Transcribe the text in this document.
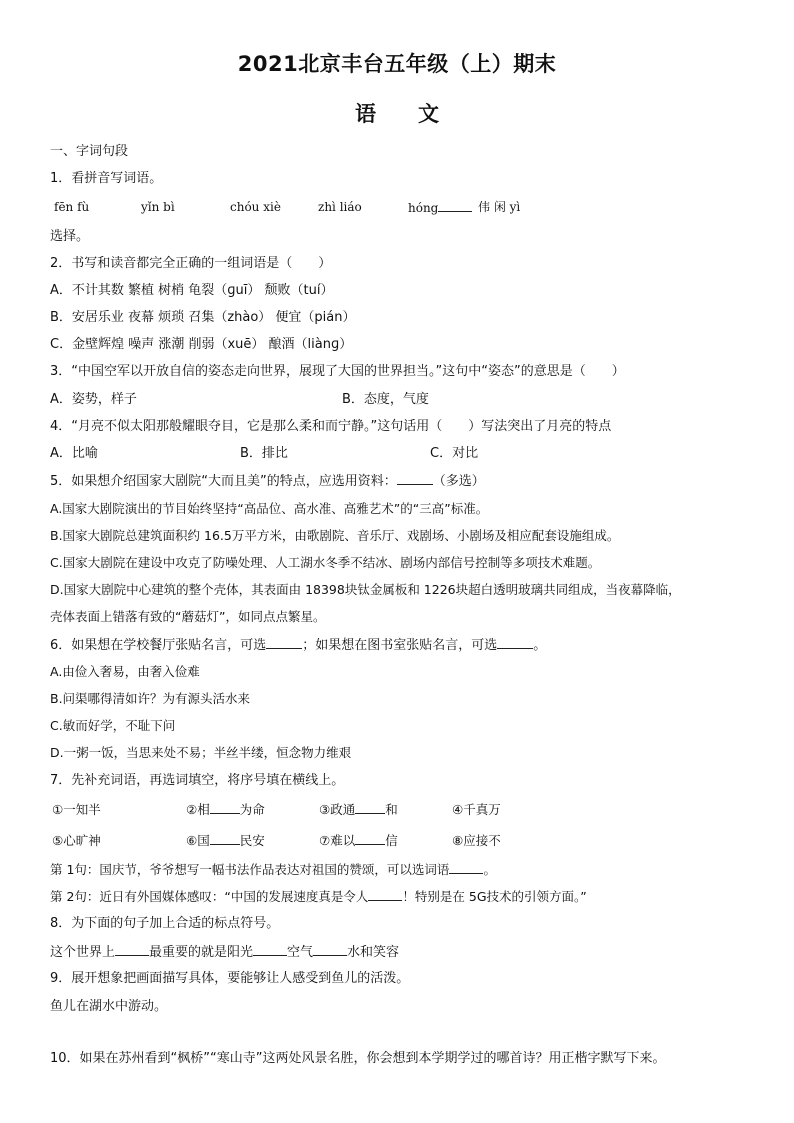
2021北京丰台五年级（上）期末
语　　文
一、字词句段
1．看拼音写词语。
fēn fù	yǐn bì	chóu xiè	zhì liáo	hóng	伟 闲 yì
选择。
2．书写和读音都完全正确的一组词语是（　　）
A．不计其数 繁植 树梢 龟裂（ɡuī） 颓败（tuí）
B．安居乐业 夜幕 烦琐 召集（zhào） 便宜（pián）
C．金壁辉煌 噪声 涨潮 削弱（xuē） 酿酒（liànɡ）
3．“中国空军以开放自信的姿态走向世界，展现了大国的世界担当。”这句中“姿态”的意思是（　　）
A．姿势，样子	B．态度，气度
4．“月亮不似太阳那般耀眼夺目，它是那么柔和而宁静。”这句话用（　　）写法突出了月亮的特点
A．比喻	B．排比	C．对比
5．如果想介绍国家大剧院“大而且美”的特点，应选用资料：	（多选）
A.国家大剧院演出的节目始终坚持“高品位、高水准、高雅艺术”的“三高”标准。
B.国家大剧院总建筑面积约 16.5万平方米，由歌剧院、音乐厅、戏剧场、小剧场及相应配套设施组成。
C.国家大剧院在建设中攻克了防噪处理、人工湖水冬季不结冰、剧场内部信号控制等多项技术难题。
D.国家大剧院中心建筑的整个壳体，其表面由 18398块钛金属板和 1226块超白透明玻璃共同组成，当夜幕降临，
壳体表面上错落有致的“蘑菇灯”，如同点点繁星。
6．如果想在学校餐厅张贴名言，可选	；如果想在图书室张贴名言，可选	。
A.由俭入奢易，由奢入俭难
B.问渠哪得清如许？为有源头活水来
C.敏而好学，不耻下问
D.一粥一饭，当思来处不易；半丝半缕，恒念物力维艰
7．先补充词语，再选词填空，将序号填在横线上。
①一知半	②相 为命	③政通 和	④千真万
⑤心旷神	⑥国 民安	⑦难以 信	⑧应接不
第 1句：国庆节，爷爷想写一幅书法作品表达对祖国的赞颂，可以选词语	。
第 2句：近日有外国媒体感叹：“中国的发展速度真是令人	！特别是在 5G技术的引领方面。”
8．为下面的句子加上合适的标点符号。
这个世界上	最重要的就是阳光	空气	水和笑容
9．展开想象把画面描写具体，要能够让人感受到鱼儿的活泼。
鱼儿在湖水中游动。
10．如果在苏州看到“枫桥”“寒山寺”这两处风景名胜，你会想到本学期学过的哪首诗？用正楷字默写下来。
